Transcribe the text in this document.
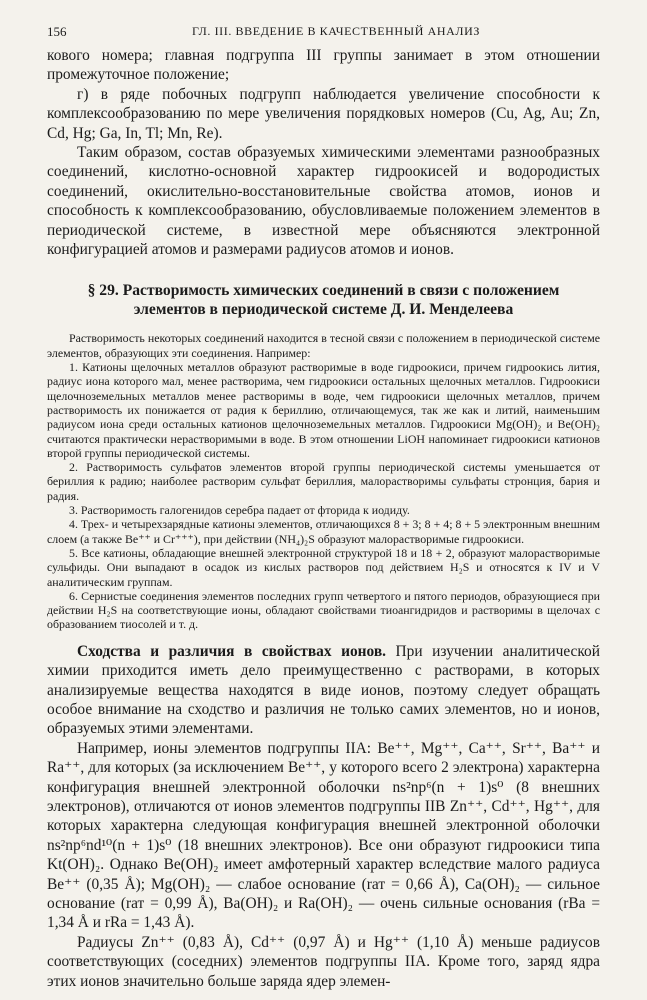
156	ГЛ. III. ВВЕДЕНИЕ В КАЧЕСТВЕННЫЙ АНАЛИЗ

кового номера; главная подгруппа III группы занимает в этом отношении промежуточное положение;

г) в ряде побочных подгрупп наблюдается увеличение способности к комплексообразованию по мере увеличения порядковых номеров (Cu, Ag, Au; Zn, Cd, Hg; Ga, In, Tl; Mn, Re).

Таким образом, состав образуемых химическими элементами разнообразных соединений, кислотно-основной характер гидроокисей и водородистых соединений, окислительно-восстановительные свойства атомов, ионов и способность к комплексообразованию, обусловливаемые положением элементов в периодической системе, в известной мере объясняются электронной конфигурацией атомов и размерами радиусов атомов и ионов.

§ 29. Растворимость химических соединений в связи с положением элементов в периодической системе Д. И. Менделеева

Растворимость некоторых соединений находится в тесной связи с положением в периодической системе элементов, образующих эти соединения. Например:

1. Катионы щелочных металлов образуют растворимые в воде гидроокиси, причем гидроокись лития, радиус иона которого мал, менее растворима, чем гидроокиси остальных щелочных металлов. Гидроокиси щелочноземельных металлов менее растворимы в воде, чем гидроокиси щелочных металлов, причем растворимость их понижается от радия к бериллию, отличающемуся, так же как и литий, наименьшим радиусом иона среди остальных катионов щелочноземельных металлов. Гидроокиси Mg(OH)₂ и Be(OH)₂ считаются практически нерастворимыми в воде. В этом отношении LiOH напоминает гидроокиси катионов второй группы периодической системы.

2. Растворимость сульфатов элементов второй группы периодической системы уменьшается от бериллия к радию; наиболее растворим сульфат бериллия, малорастворимы сульфаты стронция, бария и радия.

3. Растворимость галогенидов серебра падает от фторида к иодиду.

4. Трех- и четырехзарядные катионы элементов, отличающихся 8 + 3; 8 + 4; 8 + 5 электронным внешним слоем (а также Be⁺⁺ и Cr⁺⁺⁺), при действии (NH₄)₂S образуют малорастворимые гидроокиси.

5. Все катионы, обладающие внешней электронной структурой 18 и 18 + 2, образуют малорастворимые сульфиды. Они выпадают в осадок из кислых растворов под действием H₂S и относятся к IV и V аналитическим группам.

6. Сернистые соединения элементов последних групп четвертого и пятого периодов, образующиеся при действии H₂S на соответствующие ионы, обладают свойствами тиоангидридов и растворимы в щелочах с образованием тиосолей и т. д.

Сходства и различия в свойствах ионов. При изучении аналитической химии приходится иметь дело преимущественно с растворами, в которых анализируемые вещества находятся в виде ионов, поэтому следует обращать особое внимание на сходство и различия не только самих элементов, но и ионов, образуемых этими элементами.

Например, ионы элементов подгруппы IIA: Be⁺⁺, Mg⁺⁺, Ca⁺⁺, Sr⁺⁺, Ba⁺⁺ и Ra⁺⁺, для которых (за исключением Be⁺⁺, у которого всего 2 электрона) характерна конфигурация внешней электронной оболочки ns²np⁶(n + 1)s⁰ (8 внешних электронов), отличаются от ионов элементов подгруппы IIB Zn⁺⁺, Cd⁺⁺, Hg⁺⁺, для которых характерна следующая конфигурация внешней электронной оболочки ns²np⁶nd¹⁰(n + 1)s⁰ (18 внешних электронов). Все они образуют гидроокиси типа Kt(OH)₂. Однако Be(OH)₂ имеет амфотерный характер вследствие малого радиуса Be⁺⁺ (0,35 Å); Mg(OH)₂ — слабое основание (rат = 0,66 Å), Ca(OH)₂ — сильное основание (rат = 0,99 Å), Ba(OH)₂ и Ra(OH)₂ — очень сильные основания (rBa = 1,34 Å и rRa = 1,43 Å).

Радиусы Zn⁺⁺ (0,83 Å), Cd⁺⁺ (0,97 Å) и Hg⁺⁺ (1,10 Å) меньше радиусов соответствующих (соседних) элементов подгруппы IIA. Кроме того, заряд ядра этих ионов значительно больше заряда ядер элемен-
